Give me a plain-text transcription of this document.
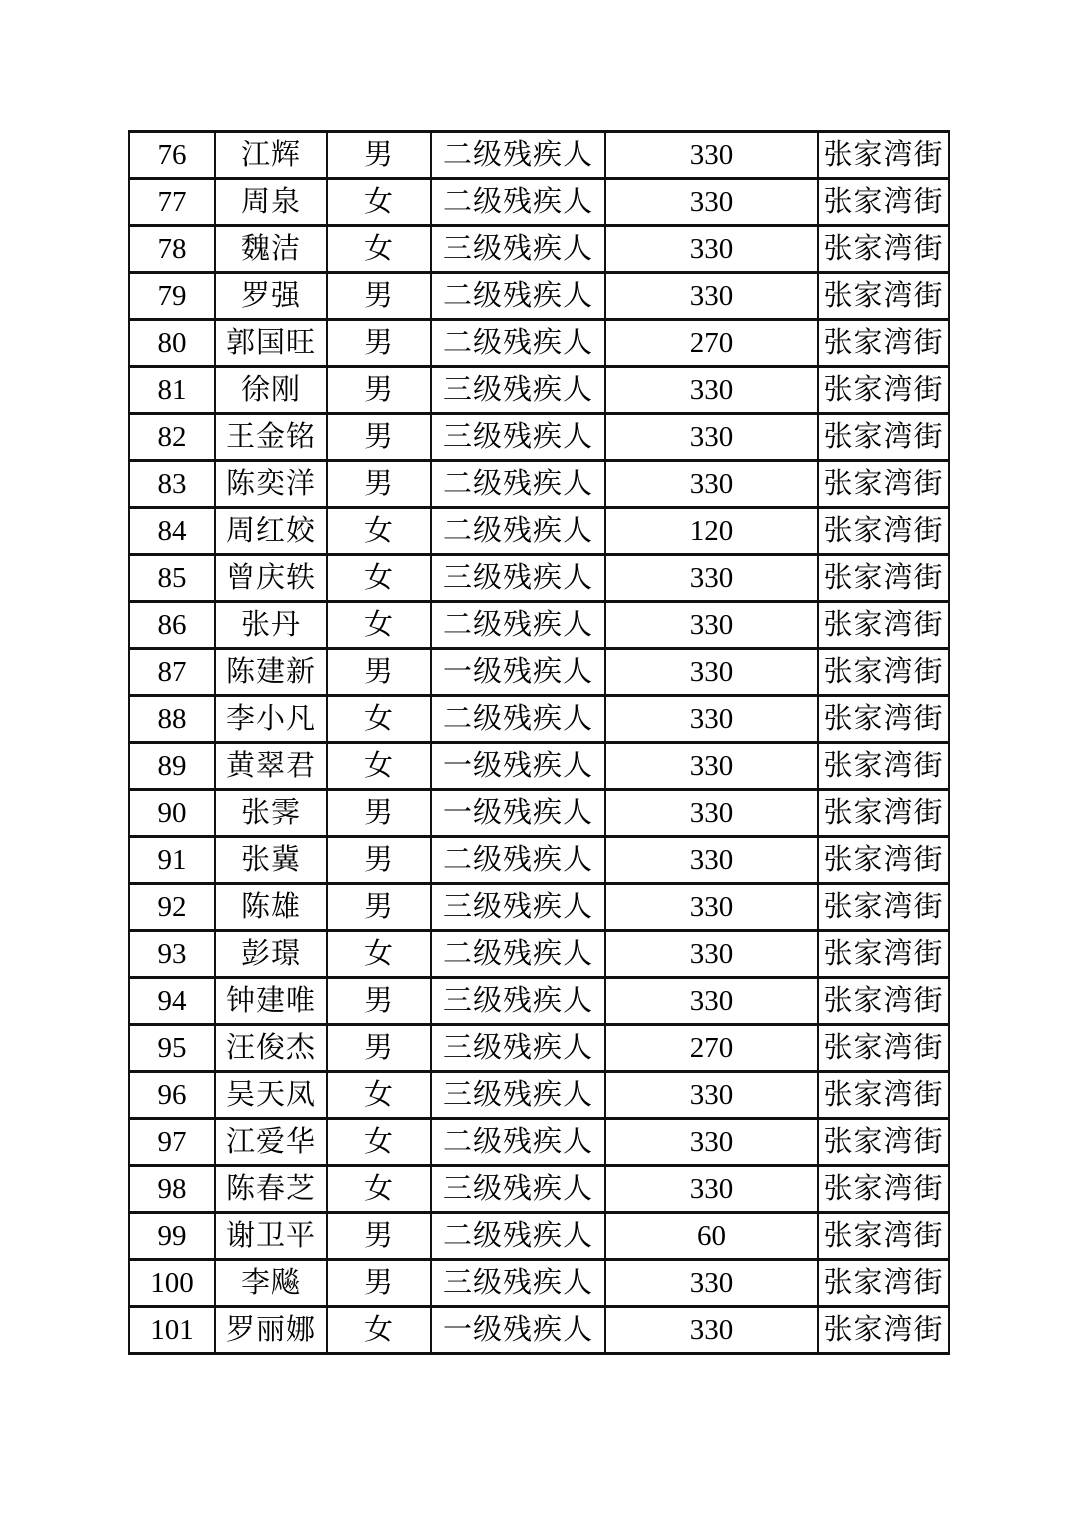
76	江辉	男	二级残疾人	330	张家湾街
77	周泉	女	二级残疾人	330	张家湾街
78	魏洁	女	三级残疾人	330	张家湾街
79	罗强	男	二级残疾人	330	张家湾街
80	郭国旺	男	二级残疾人	270	张家湾街
81	徐刚	男	三级残疾人	330	张家湾街
82	王金铭	男	三级残疾人	330	张家湾街
83	陈奕洋	男	二级残疾人	330	张家湾街
84	周红姣	女	二级残疾人	120	张家湾街
85	曾庆轶	女	三级残疾人	330	张家湾街
86	张丹	女	二级残疾人	330	张家湾街
87	陈建新	男	一级残疾人	330	张家湾街
88	李小凡	女	二级残疾人	330	张家湾街
89	黄翠君	女	一级残疾人	330	张家湾街
90	张霁	男	一级残疾人	330	张家湾街
91	张冀	男	二级残疾人	330	张家湾街
92	陈雄	男	三级残疾人	330	张家湾街
93	彭璟	女	二级残疾人	330	张家湾街
94	钟建唯	男	三级残疾人	330	张家湾街
95	汪俊杰	男	三级残疾人	270	张家湾街
96	吴天凤	女	三级残疾人	330	张家湾街
97	江爱华	女	二级残疾人	330	张家湾街
98	陈春芝	女	三级残疾人	330	张家湾街
99	谢卫平	男	二级残疾人	60	张家湾街
100	李飚	男	三级残疾人	330	张家湾街
101	罗丽娜	女	一级残疾人	330	张家湾街
